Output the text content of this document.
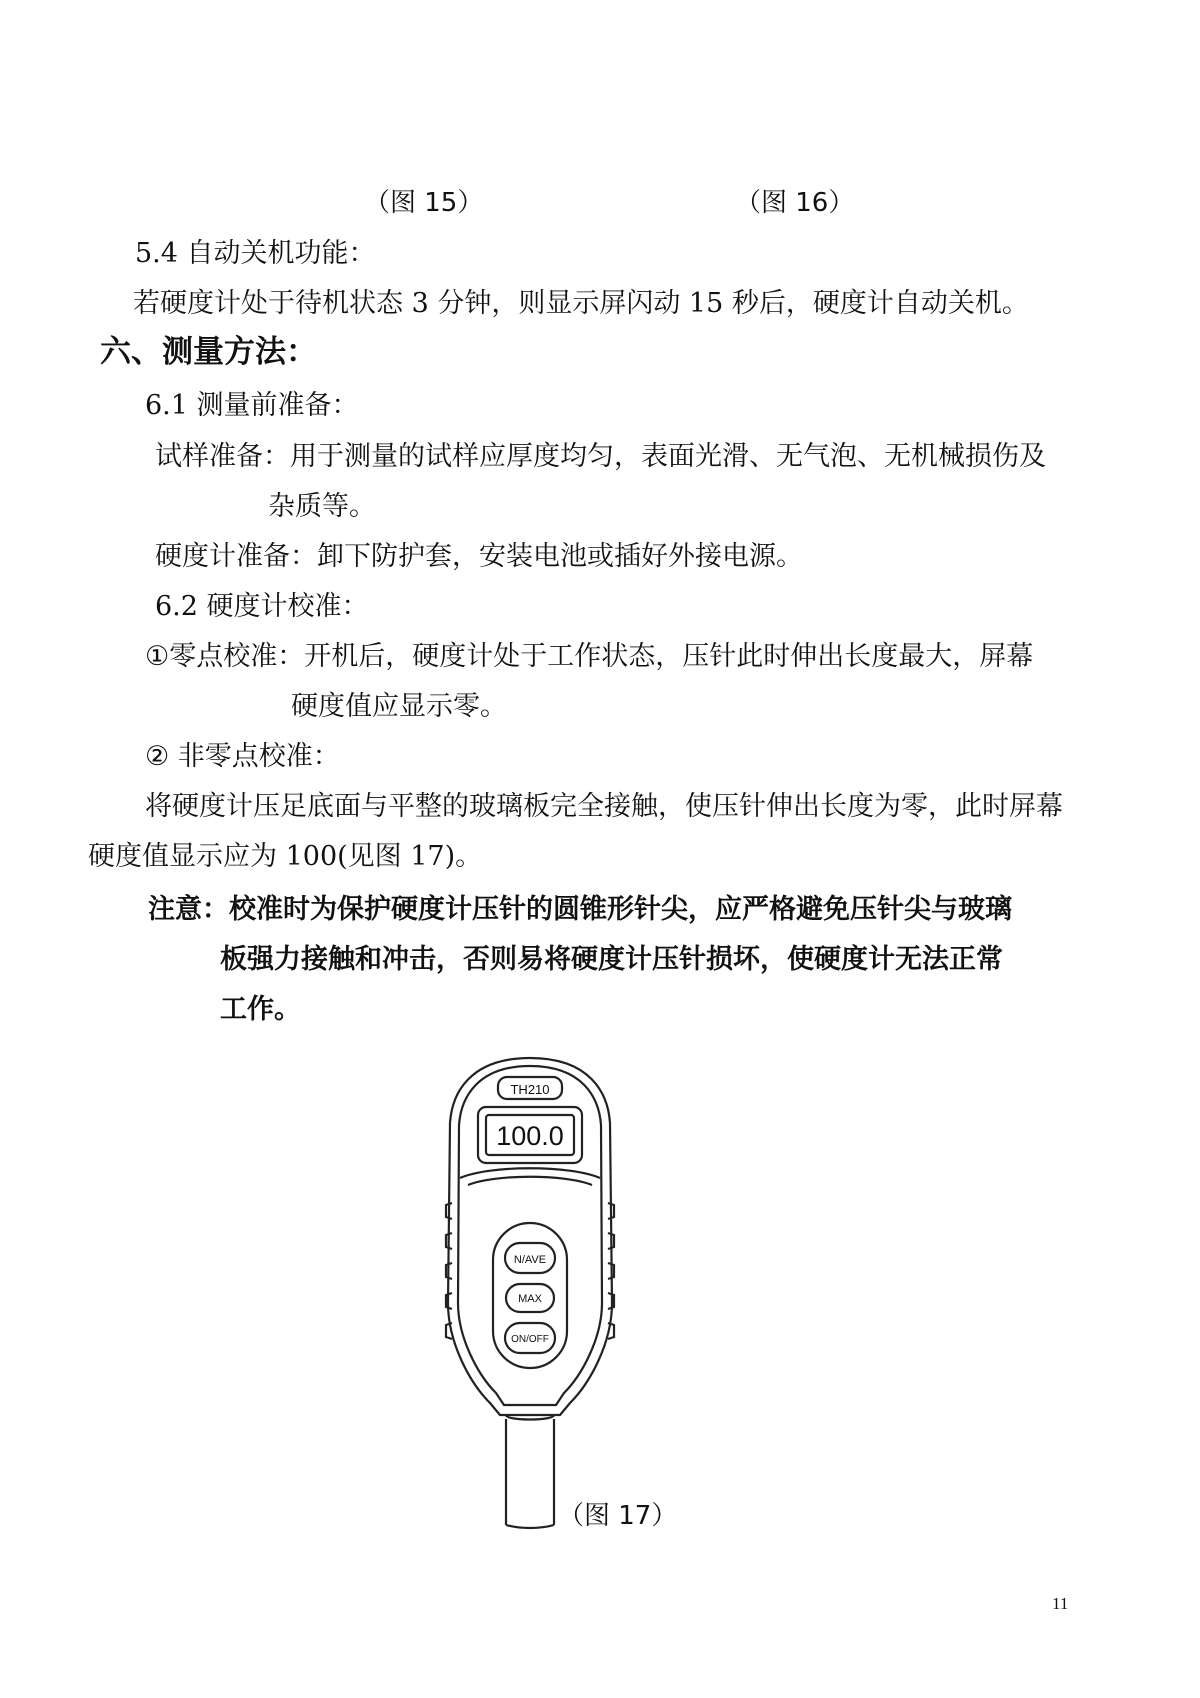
（图 15）	（图 16）
5.4 自动关机功能：
若硬度计处于待机状态 3 分钟，则显示屏闪动 15 秒后，硬度计自动关机。
六、测量方法：
6.1 测量前准备：
试样准备：用于测量的试样应厚度均匀，表面光滑、无气泡、无机械损伤及
杂质等。
硬度计准备：卸下防护套，安装电池或插好外接电源。
6.2 硬度计校准：
①零点校准：开机后，硬度计处于工作状态，压针此时伸出长度最大，屏幕
硬度值应显示零。
② 非零点校准：
将硬度计压足底面与平整的玻璃板完全接触，使压针伸出长度为零，此时屏幕
硬度值显示应为 100(见图 17)。
注意：校准时为保护硬度计压针的圆锥形针尖，应严格避免压针尖与玻璃
板强力接触和冲击，否则易将硬度计压针损坏，使硬度计无法正常
工作。
TH210
100.0
N/AVE
MAX
ON/OFF
（图 17）
11
